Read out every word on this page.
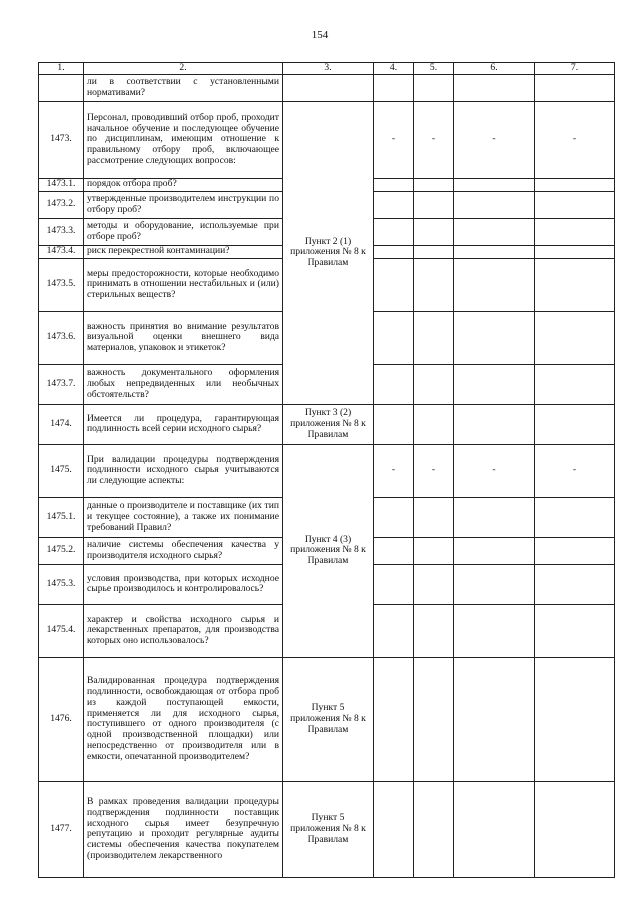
154
1.	2.	3.	4.	5.	6.	7.
	ли в соответствии с установленными нормативами?					
1473.	Персонал, проводивший отбор проб, проходит начальное обучение и последующее обучение по дисциплинам, имеющим отношение к правильному отбору проб, включающее рассмотрение следующих вопросов:	Пункт 2 (1) приложения № 8 к Правилам	-	-	-	-
1473.1.	порядок отбора проб?					
1473.2.	утвержденные производителем инструкции по отбору проб?					
1473.3.	методы и оборудование, используемые при отборе проб?					
1473.4.	риск перекрестной контаминации?					
1473.5.	меры предосторожности, которые необходимо принимать в отношении нестабильных и (или) стерильных веществ?					
1473.6.	важность принятия во внимание результатов визуальной оценки внешнего вида материалов, упаковок и этикеток?					
1473.7.	важность документального оформления любых непредвиденных или необычных обстоятельств?					
1474.	Имеется ли процедура, гарантирующая подлинность всей серии исходного сырья?	Пункт 3 (2) приложения № 8 к Правилам				
1475.	При валидации процедуры подтверждения подлинности исходного сырья учитываются ли следующие аспекты:	Пункт 4 (3) приложения № 8 к Правилам	-	-	-	-
1475.1.	данные о производителе и поставщике (их тип и текущее состояние), а также их понимание требований Правил?					
1475.2.	наличие системы обеспечения качества у производителя исходного сырья?					
1475.3.	условия производства, при которых исходное сырье производилось и контролировалось?					
1475.4.	характер и свойства исходного сырья и лекарственных препаратов, для производства которых оно использовалось?					
1476.	Валидированная процедура подтверждения подлинности, освобождающая от отбора проб из каждой поступающей емкости, применяется ли для исходного сырья, поступившего от одного производителя (с одной производственной площадки) или непосредственно от производителя или в емкости, опечатанной производителем?	Пункт 5 приложения № 8 к Правилам				
1477.	В рамках проведения валидации процедуры подтверждения подлинности поставщик исходного сырья имеет безупречную репутацию и проходит регулярные аудиты системы обеспечения качества покупателем (производителем лекарственного	Пункт 5 приложения № 8 к Правилам				
